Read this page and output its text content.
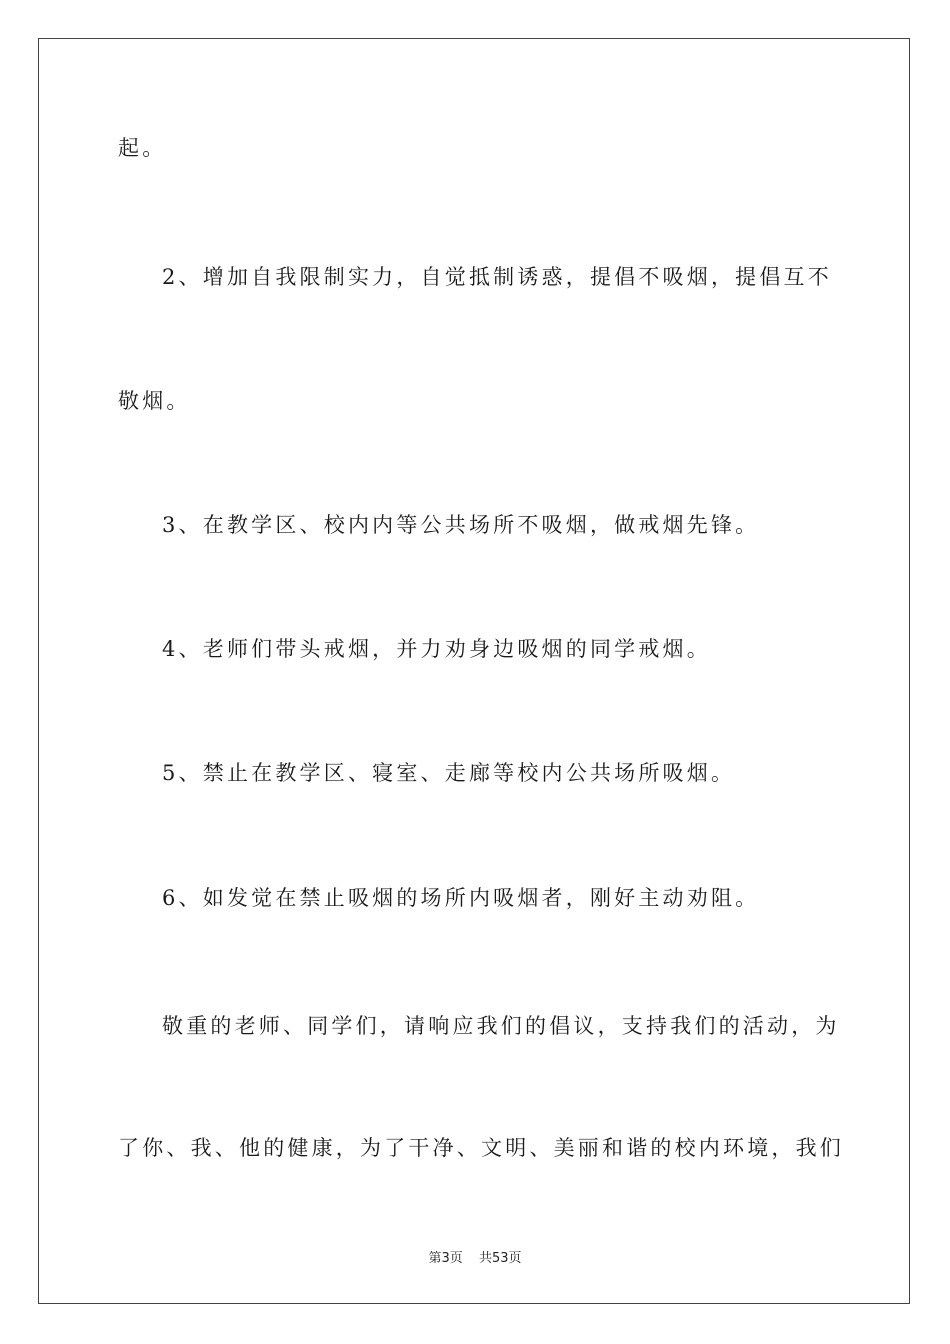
起。
2、增加自我限制实力，自觉抵制诱惑，提倡不吸烟，提倡互不
敬烟。
3、在教学区、校内内等公共场所不吸烟，做戒烟先锋。
4、老师们带头戒烟，并力劝身边吸烟的同学戒烟。
5、禁止在教学区、寝室、走廊等校内公共场所吸烟。
6、如发觉在禁止吸烟的场所内吸烟者，刚好主动劝阻。
敬重的老师、同学们，请响应我们的倡议，支持我们的活动，为
了你、我、他的健康，为了干净、文明、美丽和谐的校内环境，我们
第3页 共53页
